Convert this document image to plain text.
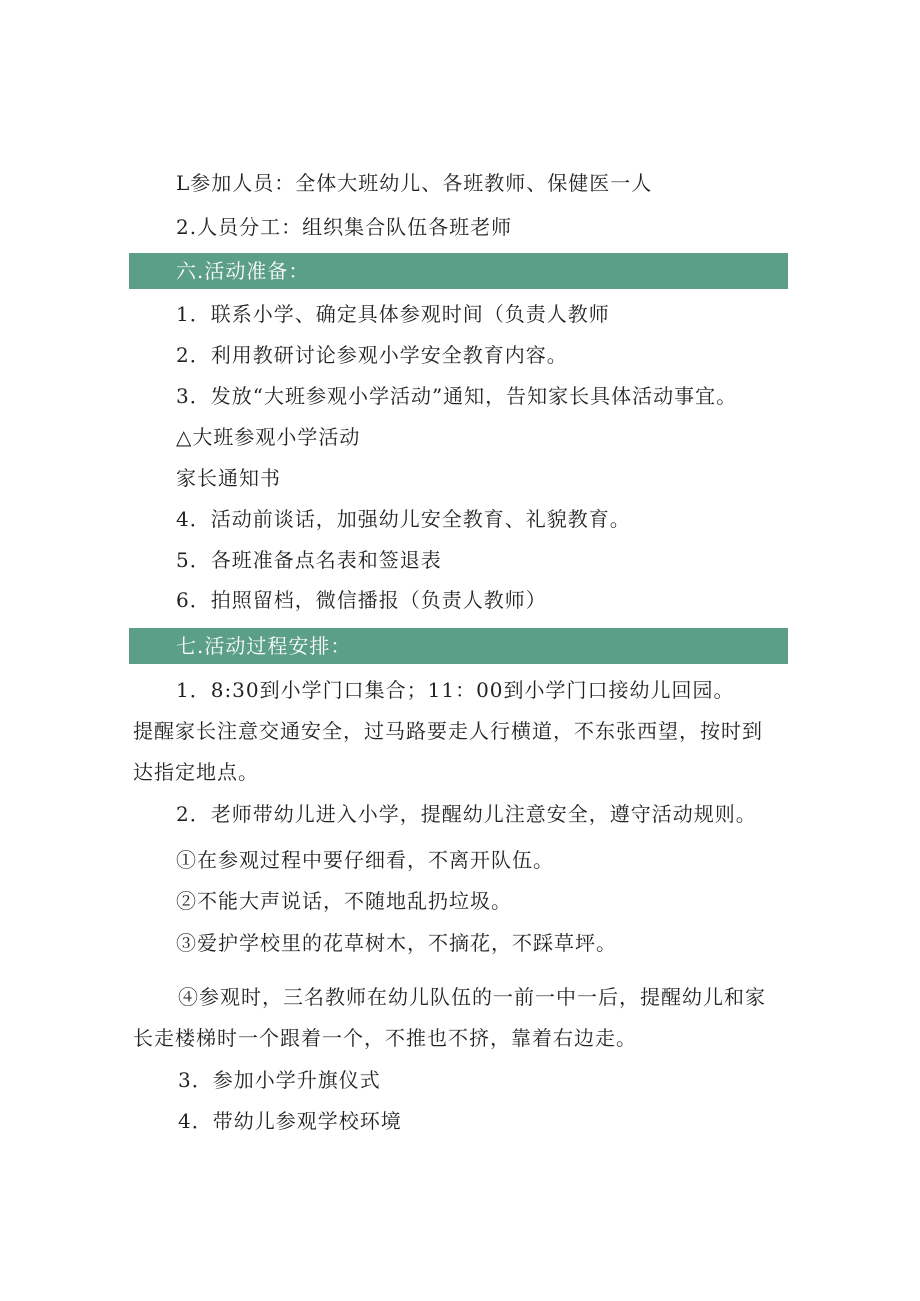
L参加人员：全体大班幼儿、各班教师、保健医一人
2.人员分工：组织集合队伍各班老师
六.活动准备：
1．联系小学、确定具体参观时间（负责人教师
2．利用教研讨论参观小学安全教育内容。
3．发放“大班参观小学活动”通知，告知家长具体活动事宜。
△大班参观小学活动
家长通知书
4．活动前谈话，加强幼儿安全教育、礼貌教育。
5．各班准备点名表和签退表
6．拍照留档，微信播报（负责人教师）
七.活动过程安排：
1．8:30到小学门口集合；11：00到小学门口接幼儿回园。
提醒家长注意交通安全，过马路要走人行横道，不东张西望，按时到
达指定地点。
2．老师带幼儿进入小学，提醒幼儿注意安全，遵守活动规则。
①在参观过程中要仔细看，不离开队伍。
②不能大声说话，不随地乱扔垃圾。
③爱护学校里的花草树木，不摘花，不踩草坪。
④参观时，三名教师在幼儿队伍的一前一中一后，提醒幼儿和家
长走楼梯时一个跟着一个，不推也不挤，靠着右边走。
3．参加小学升旗仪式
4．带幼儿参观学校环境
